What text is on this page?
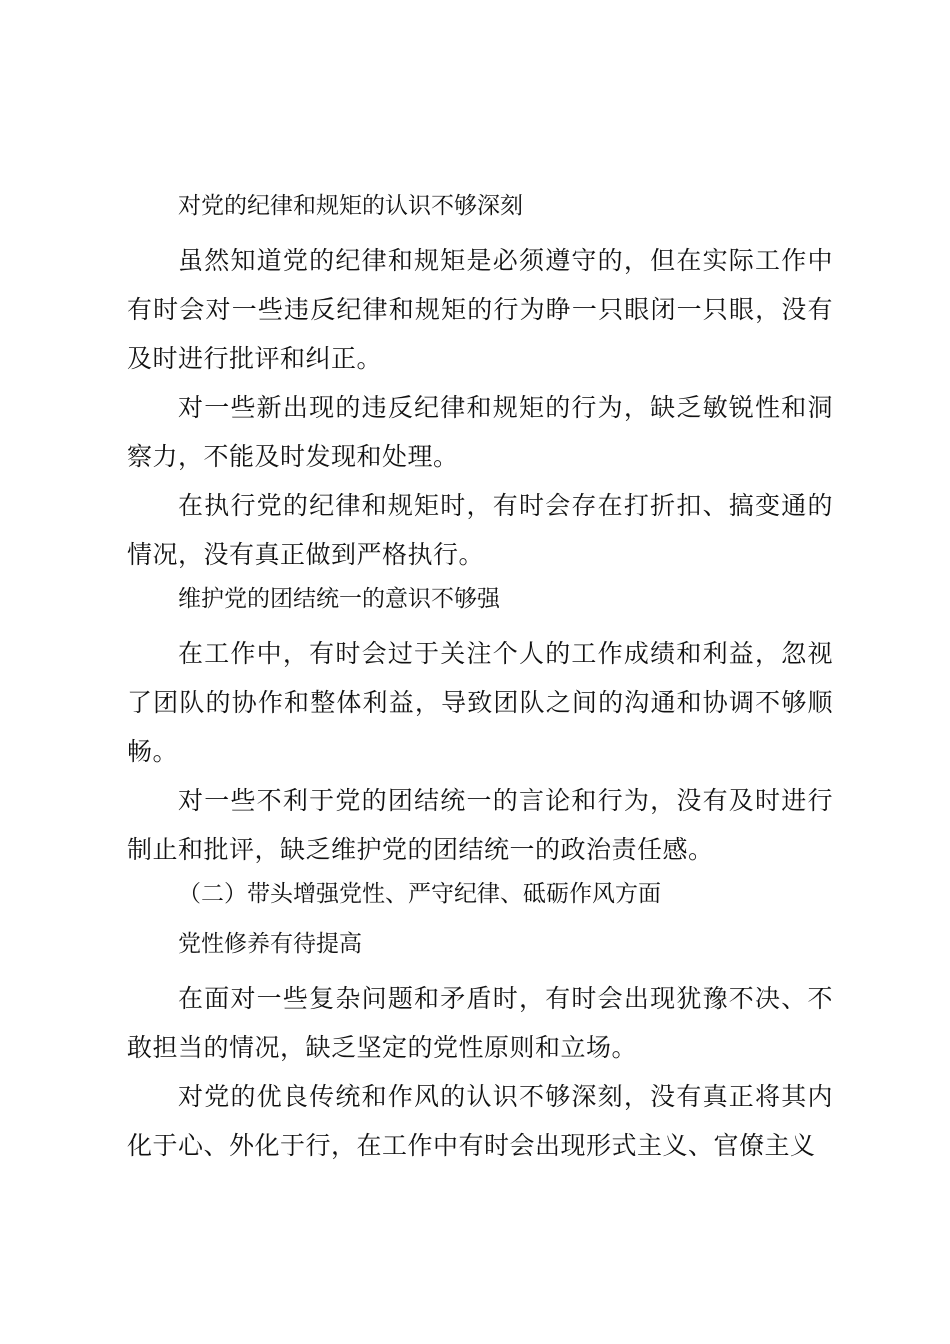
对党的纪律和规矩的认识不够深刻

虽然知道党的纪律和规矩是必须遵守的，但在实际工作中有时会对一些违反纪律和规矩的行为睁一只眼闭一只眼，没有及时进行批评和纠正。

对一些新出现的违反纪律和规矩的行为，缺乏敏锐性和洞察力，不能及时发现和处理。

在执行党的纪律和规矩时，有时会存在打折扣、搞变通的情况，没有真正做到严格执行。

维护党的团结统一的意识不够强

在工作中，有时会过于关注个人的工作成绩和利益，忽视了团队的协作和整体利益，导致团队之间的沟通和协调不够顺畅。

对一些不利于党的团结统一的言论和行为，没有及时进行制止和批评，缺乏维护党的团结统一的政治责任感。

（二）带头增强党性、严守纪律、砥砺作风方面
党性修养有待提高

在面对一些复杂问题和矛盾时，有时会出现犹豫不决、不敢担当的情况，缺乏坚定的党性原则和立场。

对党的优良传统和作风的认识不够深刻，没有真正将其内化于心、外化于行，在工作中有时会出现形式主义、官僚主义
